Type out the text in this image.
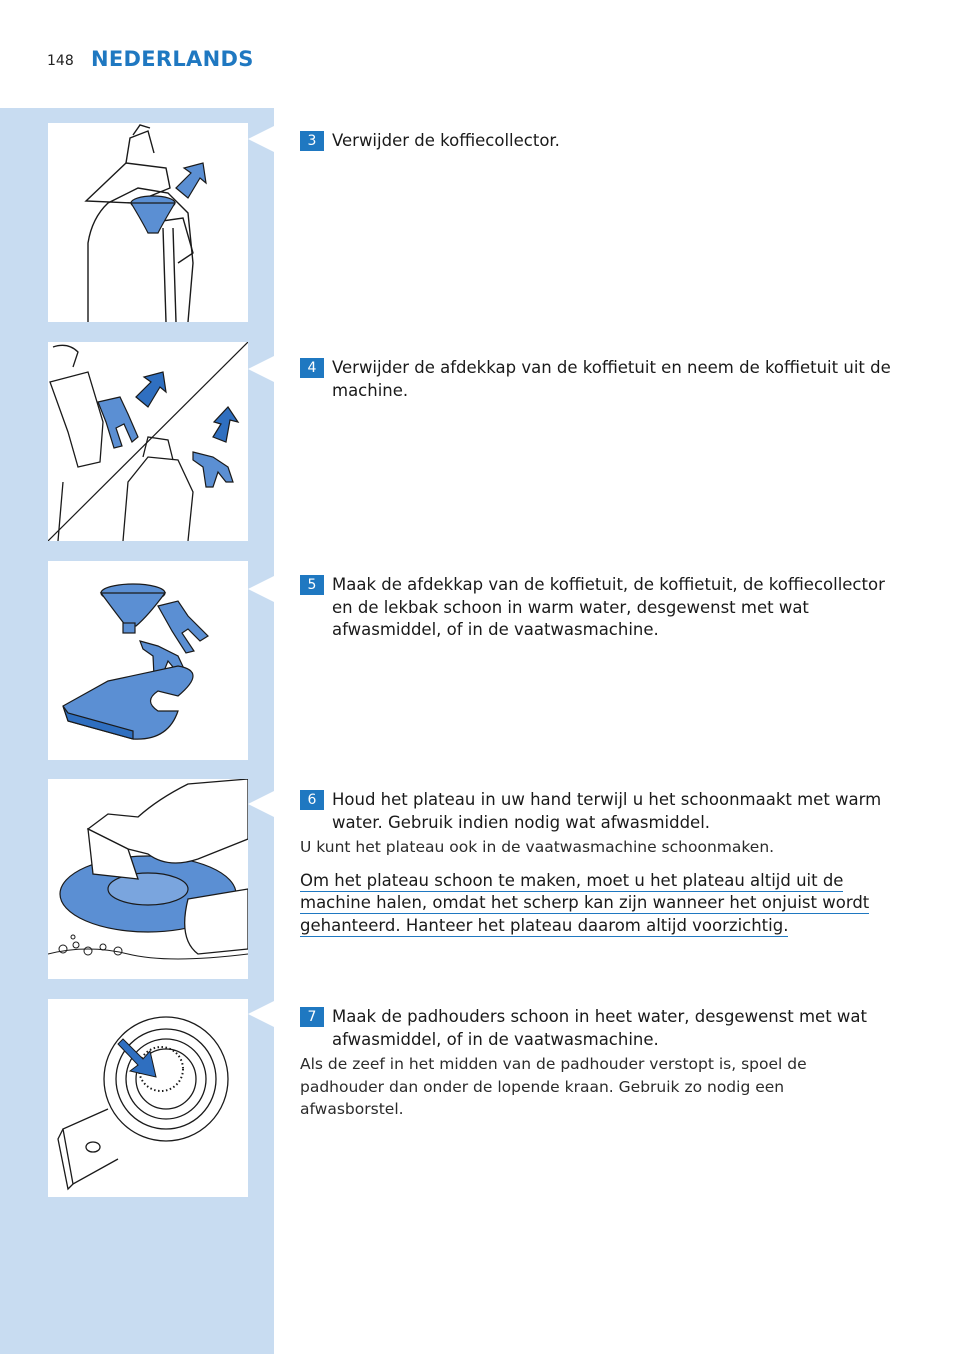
148 NEDERLANDS
3 Verwijder de koffiecollector.
4 Verwijder de afdekkap van de koffietuit en neem de koffietuit uit de machine.
5 Maak de afdekkap van de koffietuit, de koffietuit, de koffiecollector en de lekbak schoon in warm water, desgewenst met wat afwasmiddel, of in de vaatwasmachine.
6 Houd het plateau in uw hand terwijl u het schoonmaakt met warm water. Gebruik indien nodig wat afwasmiddel.
U kunt het plateau ook in de vaatwasmachine schoonmaken.
Om het plateau schoon te maken, moet u het plateau altijd uit de
machine halen, omdat het scherp kan zijn wanneer het onjuist wordt
gehanteerd. Hanteer het plateau daarom altijd voorzichtig.
7 Maak de padhouders schoon in heet water, desgewenst met wat afwasmiddel, of in de vaatwasmachine.
Als de zeef in het midden van de padhouder verstopt is, spoel de padhouder dan onder de lopende kraan. Gebruik zo nodig een afwasborstel.
